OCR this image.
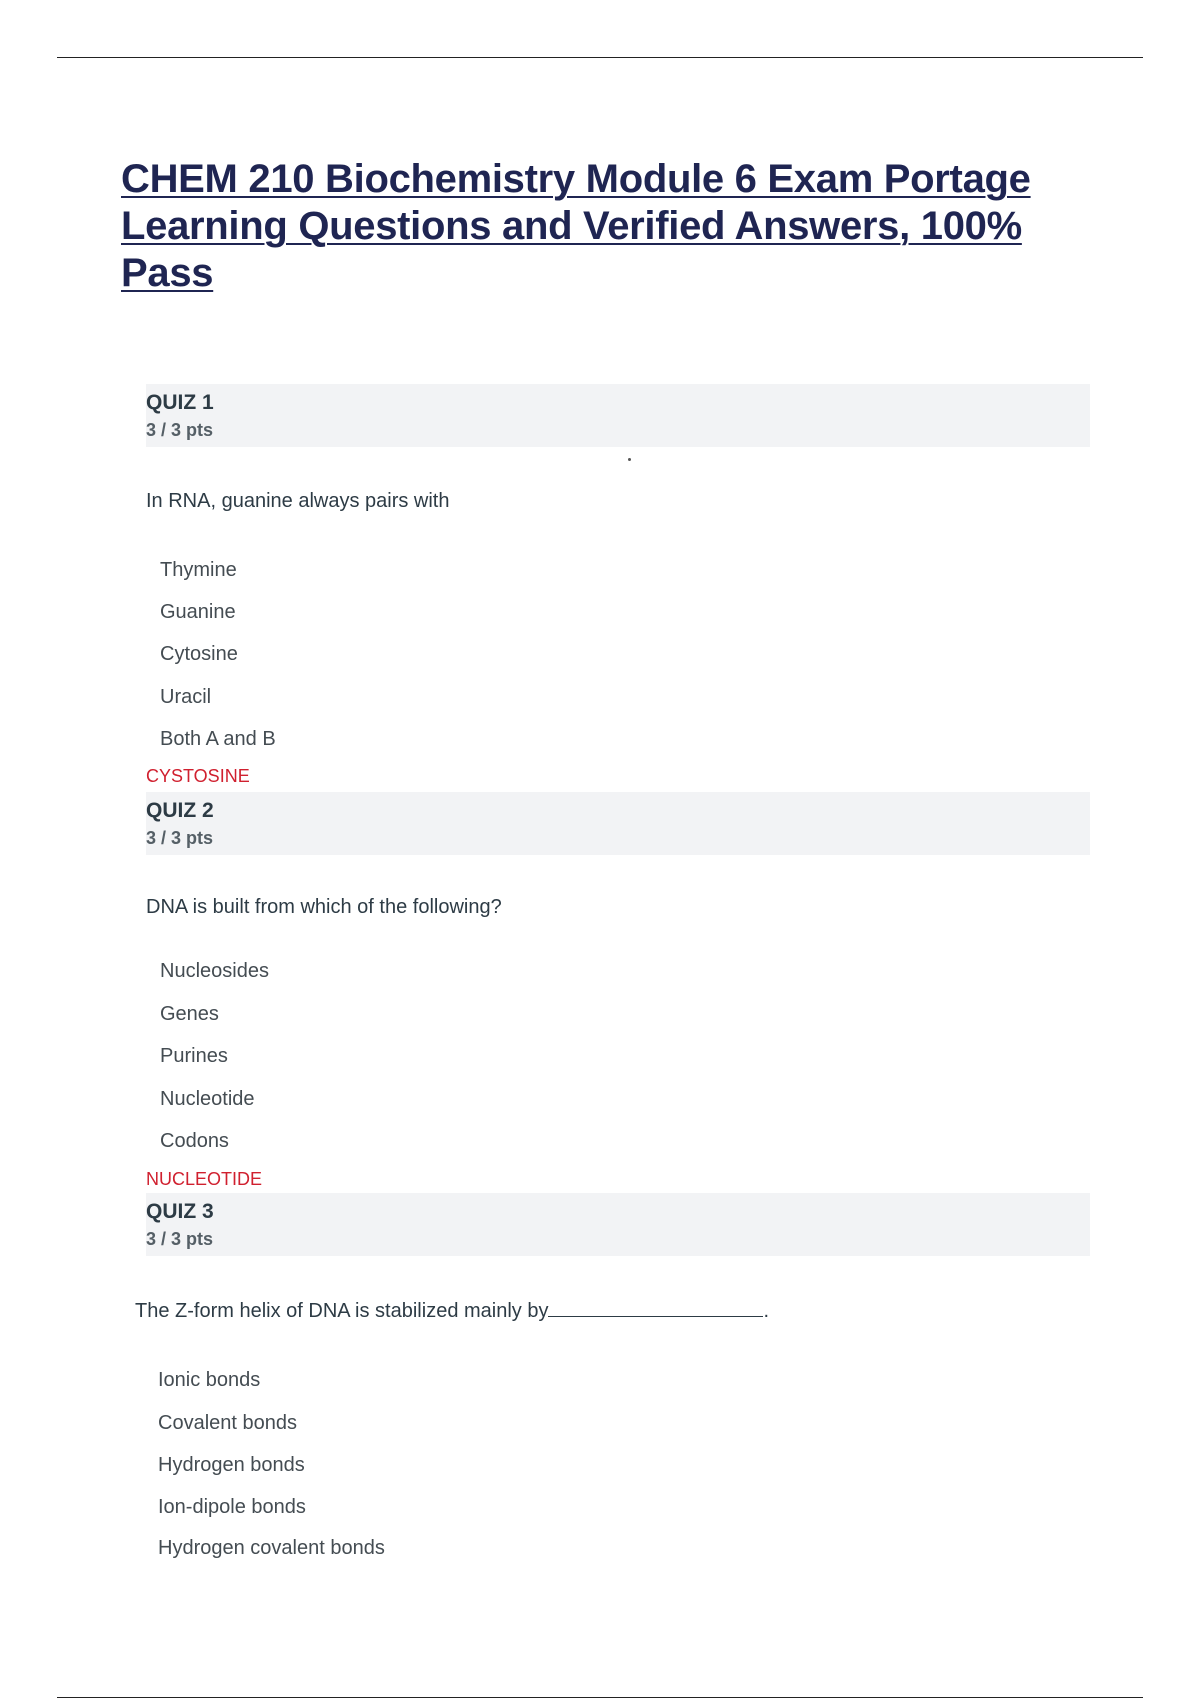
CHEM 210 Biochemistry Module 6 Exam Portage Learning Questions and Verified Answers, 100% Pass
QUIZ 1
3 / 3 pts
In RNA, guanine always pairs with
Thymine
Guanine
Cytosine
Uracil
Both A and B
CYSTOSINE
QUIZ 2
3 / 3 pts
DNA is built from which of the following?
Nucleosides
Genes
Purines
Nucleotide
Codons
NUCLEOTIDE
QUIZ 3
3 / 3 pts
The Z-form helix of DNA is stabilized mainly by	.
Ionic bonds
Covalent bonds
Hydrogen bonds
Ion-dipole bonds
Hydrogen covalent bonds
